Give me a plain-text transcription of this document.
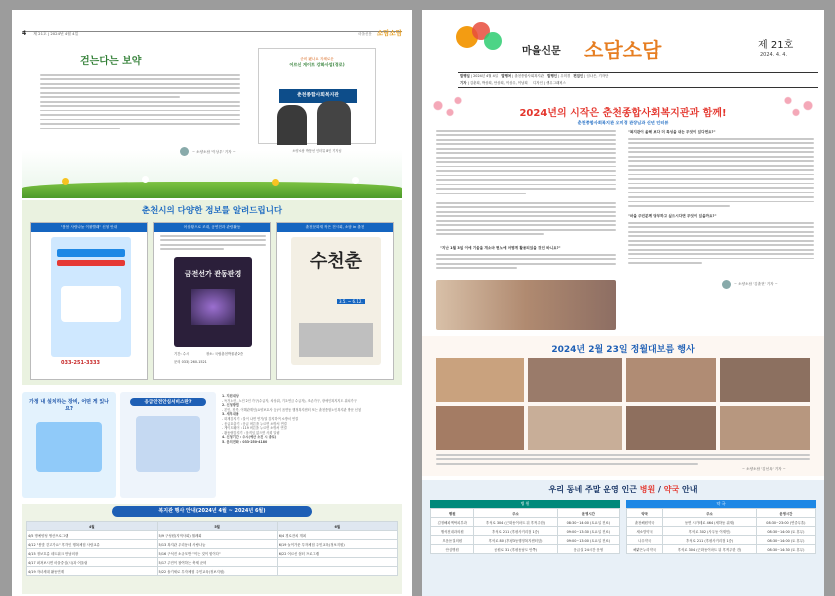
4 제 21호 | 2024년 4월 4일	마을신문 소담소담
걷는다는 보약
~ 소양소담 '이상우' 기자 ~
준비 됐나요 지혜로운
어르신 게이트 강화사업(경로)
춘천종합사회복지관
소양소담 박통선 인터뷰 8인 기자님
춘천시의 다양한 정보를 알려드립니다
"봄봄 사랑나눔 이불빨래" 신청 안내
033-251-3333
어상황으로 조대, 공연전과 관람활동
금전선가 관동판경
기간: 수시	장소: 국립춘천박물관2층
문의 033) 260-1521
춘천문화재 작은 전시회, 소담 in 춘천
수천춘
3.5. ~ 6.12.
가정 내 설치하는 장비, 어떤 게 있나요?
응급안전안심서비스란?
1. 지원대상
- 독거노인, 노인 2인 가구(수급자, 차상위, 기초연금 수급자), 조손가구, 장애인복지지도 위치가구
2. 신청방법
- 본인, 친족, 이해관계인(요양보호사 등)이 읍면동 행정복지센터 또는 춘천종합노인복지관 방문 신청
3. 세부내용
- 화재감지기 : 불이 나면 연기/열 감지하여 소방서 연결
- 응급호출기 : 응급 버튼을 누르면 소방서 연결
- 게이트웨이 : 119 버튼을 누르면 소방서 연결
- 활동량감지기 : 움직임 없으면 사회 알림
4. 신청기간 : 수시(예산 소진 시 종료)
5. 문의전화 : 033-250-4180
복지관 행사 안내(2024년 4월 ~ 2024년 6월)
4월	5월	6월
4/5 명예양성 생산프로그램	5/9 구성원(지역사회) 월례회	6/4 경로잔치 개최
4/12 "봄맞 걷고가요" 후각인 행복체험 사람교류	5/13 복지관 우리동네 사랑나눔	6/19 놀이가문 투자체험 주민교육(정보지원)
4/15 정보흐름 네트워크 만남의장	5/16 구석진 소규모반 "이는 것이 힘이다"	6/22 어르신 쉼터 프로그램
4/17 퍼져보시면 마을중심(시)과 어울림	5/17 주민이 참여하는 축제 준비	
4/19 자녀세대 활동연계	5/22 솔기세로 투자체험 주민교육(정보지원)	
마을신문 소담소담	제 21호
2024. 4. 4.
발행일 | 2024년 4월 4일 발행처 | 춘천종합사회복지관 발행인 | 우미경 편집인 | 임나은, 기자단
기자 | 김춘희, 박상희, 안상희, 이상우, 이남희 디자인 | 생무그래픽스
2024년의 시작은 춘천종합사회복지관과 함께!
춘천종합사회복지관 오미경 관장님과 신년 인터뷰
"지난 1월 3일 이에 기울을 개소마 현노에 어떻게 활용되었을 것인 바니요?"
"복지관이 올해 보다 더 특성을 내는 무엇이 있다면요?"
"마을 주민분께 당부하고 싶으시다면 무엇이 있을까요?"
~ 소양소담 '김춘현' 기자 ~
2024년 2월 23일 정월대보름 행사
~ 소양소담 '김선옥' 기자 ~
우리 동네 주말 운영 인근 병원 / 약국 안내
병 원
병원	주소	운영시간
김정해피엑틱피부과	후석로 304 (근화동이마트 뒤 후적주한)	08:30~14:00 (토요일 진료)
행석천내과의원	후석로 211 (후평사거리점 1층)	09:00~13:30 (토요일 진료)
모음돋질의원	후석로 80 (후평3동행정복지센터앞)	09:00~13:00 (토요일 진료)
안심병원	공원로 31 (후평동남도 안쪽)	응급실 24시간 운영
약 국
약국	주소	운영시간
춘천해원약국	동면 시가테로 464 (세하동 위재)	08:30~23:00 (연중무휴)
새소망약국	후석로 302 (사우동 이재민)	08:30~14:00 (토 휴무)
나우약국	후석로 211 (후평사거리점 1층)	08:30~14:00 (토 휴무)
해맑은누리약국	후석로 304 (근화동이마트 뒤 후적주한 건)	08:30~14:30 (토 휴무)
